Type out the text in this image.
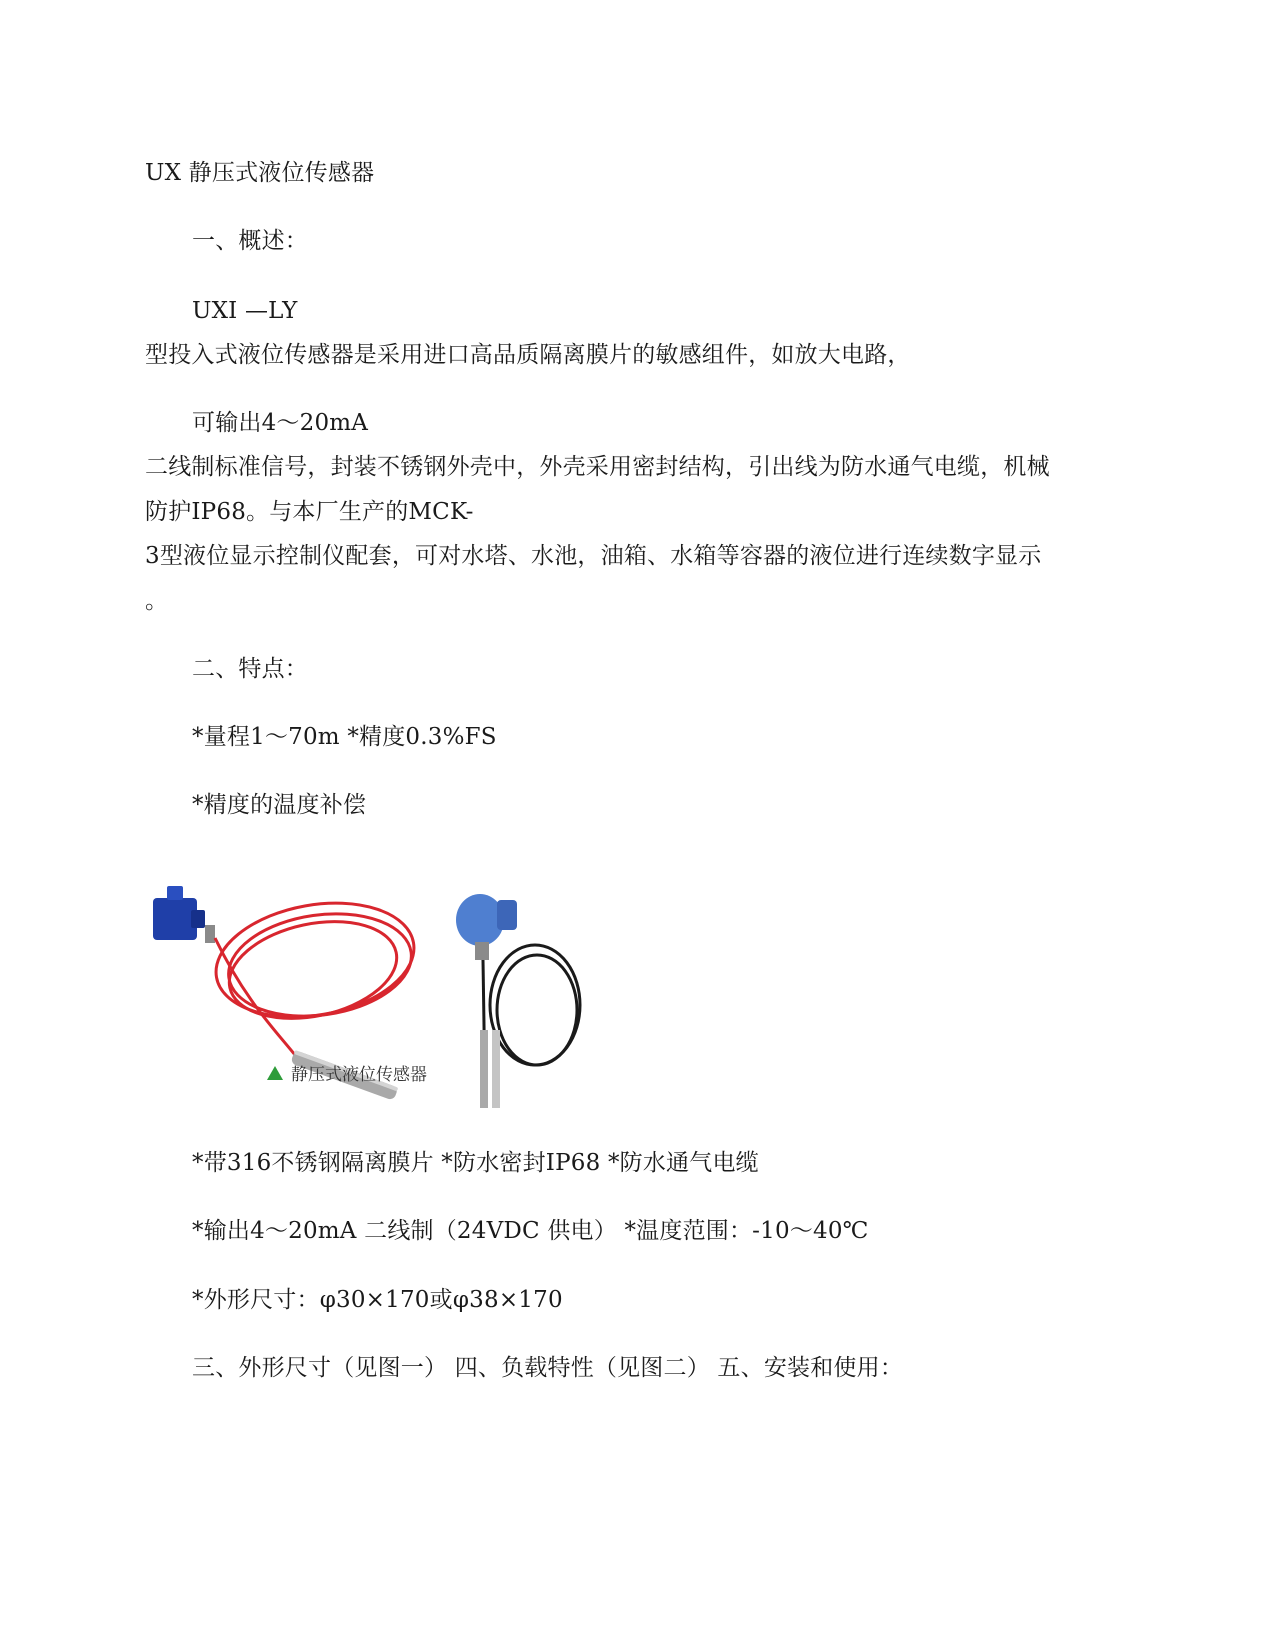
UX 静压式液位传感器
一、概述：
UXI —LY
型投入式液位传感器是采用进口高品质隔离膜片的敏感组件，如放大电路，
可输出4～20mA
二线制标准信号，封装不锈钢外壳中，外壳采用密封结构，引出线为防水通气电缆，机械
防护IP68。与本厂生产的MCK-
3型液位显示控制仪配套，可对水塔、水池，油箱、水箱等容器的液位进行连续数字显示
。
二、特点：
*量程1～70m *精度0.3%FS
*精度的温度补偿
静压式液位传感器
*带316不锈钢隔离膜片 *防水密封IP68 *防水通气电缆
*输出4～20mA 二线制（24VDC 供电） *温度范围：-10～40℃
*外形尺寸：φ30×170或φ38×170
三、外形尺寸（见图一） 四、负载特性（见图二） 五、安装和使用：
